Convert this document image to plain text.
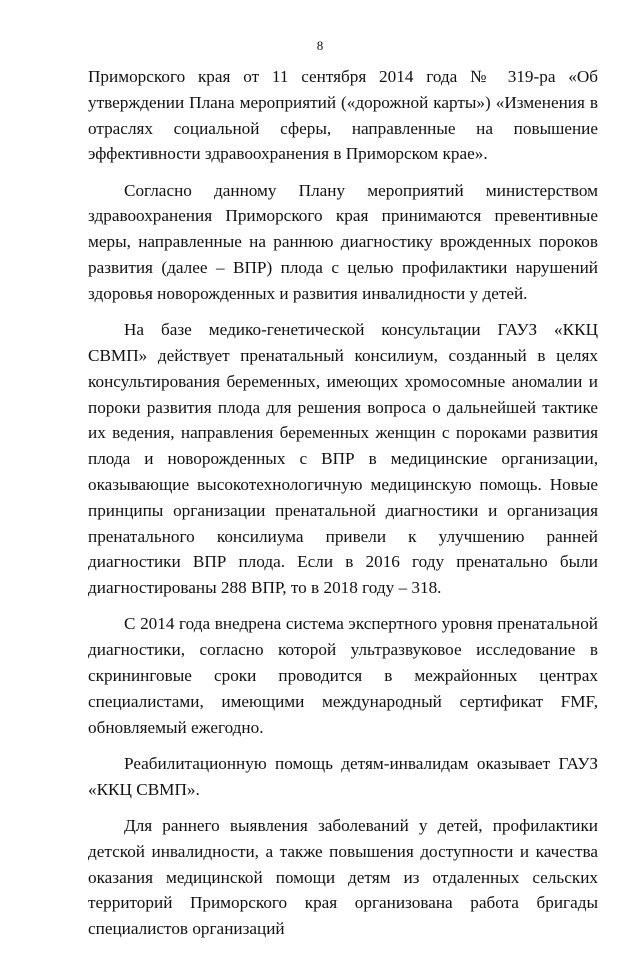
8

Приморского края от 11 сентября 2014 года № 319-ра «Об утверждении Плана мероприятий («дорожной карты») «Изменения в отраслях социальной сферы, направленные на повышение эффективности здравоохранения в Приморском крае».

Согласно данному Плану мероприятий министерством здравоохранения Приморского края принимаются превентивные меры, направленные на раннюю диагностику врожденных пороков развития (далее – ВПР) плода с целью профилактики нарушений здоровья новорожденных и развития инвалидности у детей.

На базе медико-генетической консультации ГАУЗ «ККЦ СВМП» действует пренатальный консилиум, созданный в целях консультирования беременных, имеющих хромосомные аномалии и пороки развития плода для решения вопроса о дальнейшей тактике их ведения, направления беременных женщин с пороками развития плода и новорожденных с ВПР в медицинские организации, оказывающие высокотехнологичную медицинскую помощь. Новые принципы организации пренатальной диагностики и организация пренатального консилиума привели к улучшению ранней диагностики ВПР плода. Если в 2016 году пренатально были диагностированы 288 ВПР, то в 2018 году – 318.

С 2014 года внедрена система экспертного уровня пренатальной диагностики, согласно которой ультразвуковое исследование в скрининговые сроки проводится в межрайонных центрах специалистами, имеющими международный сертификат FMF, обновляемый ежегодно.

Реабилитационную помощь детям-инвалидам оказывает ГАУЗ «ККЦ СВМП».

Для раннего выявления заболеваний у детей, профилактики детской инвалидности, а также повышения доступности и качества оказания медицинской помощи детям из отдаленных сельских территорий Приморского края организована работа бригады специалистов организаций
